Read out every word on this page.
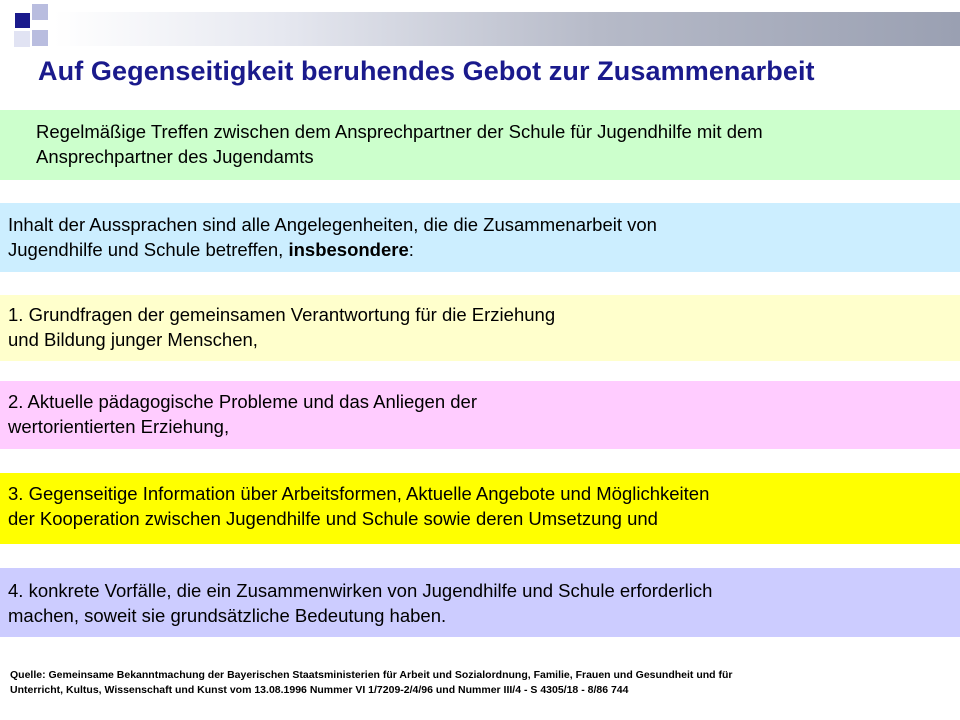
Auf Gegenseitigkeit beruhendes Gebot zur Zusammenarbeit
Regelmäßige Treffen zwischen dem Ansprechpartner der Schule für Jugendhilfe mit dem
Ansprechpartner des Jugendamts
Inhalt der Aussprachen sind alle Angelegenheiten, die die Zusammenarbeit von
Jugendhilfe und Schule betreffen, insbesondere:
1. Grundfragen der gemeinsamen Verantwortung für die Erziehung
und Bildung junger Menschen,
2. Aktuelle pädagogische Probleme und das Anliegen der
wertorientierten Erziehung,
3. Gegenseitige Information über Arbeitsformen, Aktuelle Angebote und Möglichkeiten
der Kooperation zwischen Jugendhilfe und Schule sowie deren Umsetzung und
4. konkrete Vorfälle, die ein Zusammenwirken von Jugendhilfe und Schule erforderlich
machen, soweit sie grundsätzliche Bedeutung haben.
Quelle: Gemeinsame Bekanntmachung der Bayerischen Staatsministerien für Arbeit und Sozialordnung, Familie, Frauen und Gesundheit und für
Unterricht, Kultus, Wissenschaft und Kunst vom 13.08.1996 Nummer VI 1/7209-2/4/96 und Nummer III/4 - S 4305/18 - 8/86 744
